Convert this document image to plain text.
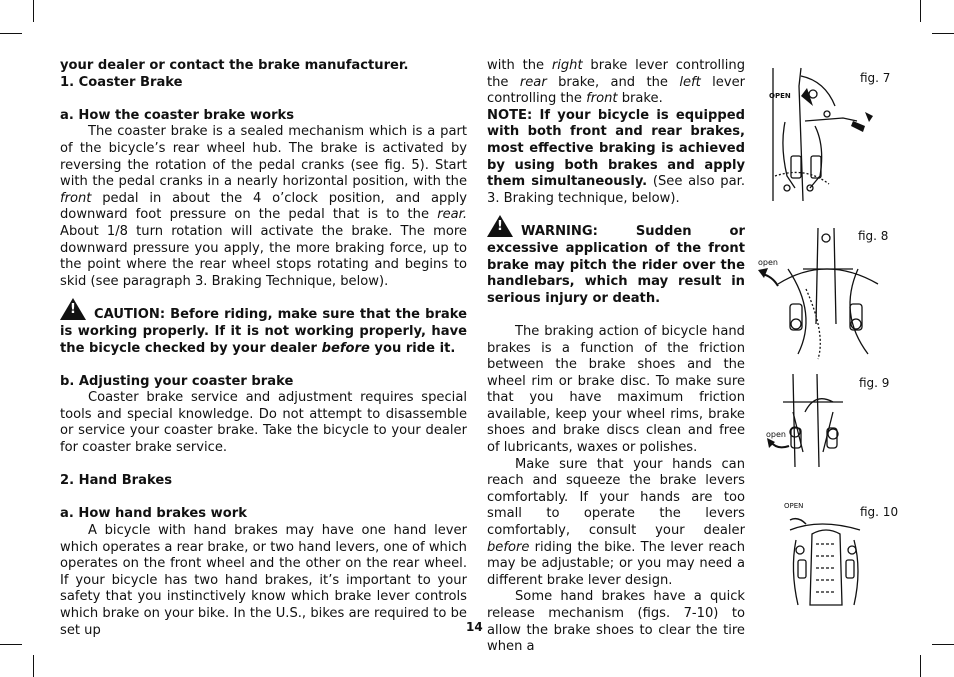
your dealer or contact the brake manufacturer.

1. Coaster Brake

a. How the coaster brake works

The coaster brake is a sealed mechanism which is a part of the bicycle’s rear wheel hub. The brake is activated by reversing the rotation of the pedal cranks (see fig. 5). Start with the pedal cranks in a nearly horizontal position, with the front pedal in about the 4 o’clock position, and apply downward foot pressure on the pedal that is to the rear. About 1/8 turn rotation will activate the brake. The more downward pressure you apply, the more braking force, up to the point where the rear wheel stops rotating and begins to skid (see paragraph 3. Braking Technique, below).

!CAUTION: Before riding, make sure that the brake is working properly. If it is not working properly, have the bicycle checked by your dealer before you ride it.

b. Adjusting your coaster brake

Coaster brake service and adjustment requires special tools and special knowledge. Do not attempt to disassemble or service your coaster brake. Take the bicycle to your dealer for coaster brake service.

2. Hand Brakes

a. How hand brakes work

A bicycle with hand brakes may have one hand lever which operates a rear brake, or two hand levers, one of which operates on the front wheel and the other on the rear wheel. If your bicycle has two hand brakes, it’s important to your safety that you instinctively know which brake lever controls which brake on your bike. In the U.S., bikes are required to be set up

with the right brake lever controlling the rear brake, and the left lever controlling the front brake.

NOTE: If your bicycle is equipped with both front and rear brakes, most effective braking is achieved by using both brakes and apply them simultaneously. (See also par. 3. Braking technique, below).

!WARNING: Sudden or excessive application of the front brake may pitch the rider over the handlebars, which may result in serious injury or death.

The braking action of bicycle hand brakes is a function of the friction between the brake shoes and the wheel rim or brake disc. To make sure that you have maximum friction available, keep your wheel rims, brake shoes and brake discs clean and free of lubricants, waxes or polishes.

Make sure that your hands can reach and squeeze the brake levers comfortably. If your hands are too small to operate the levers comfortably, consult your dealer before riding the bike. The lever reach may be adjustable; or you may need a different brake lever design.

Some hand brakes have a quick release mechanism (figs. 7-10) to allow the brake shoes to clear the tire when a

fig. 7
OPEN
fig. 8
open
fig. 9
open
fig. 10
OPEN
14
